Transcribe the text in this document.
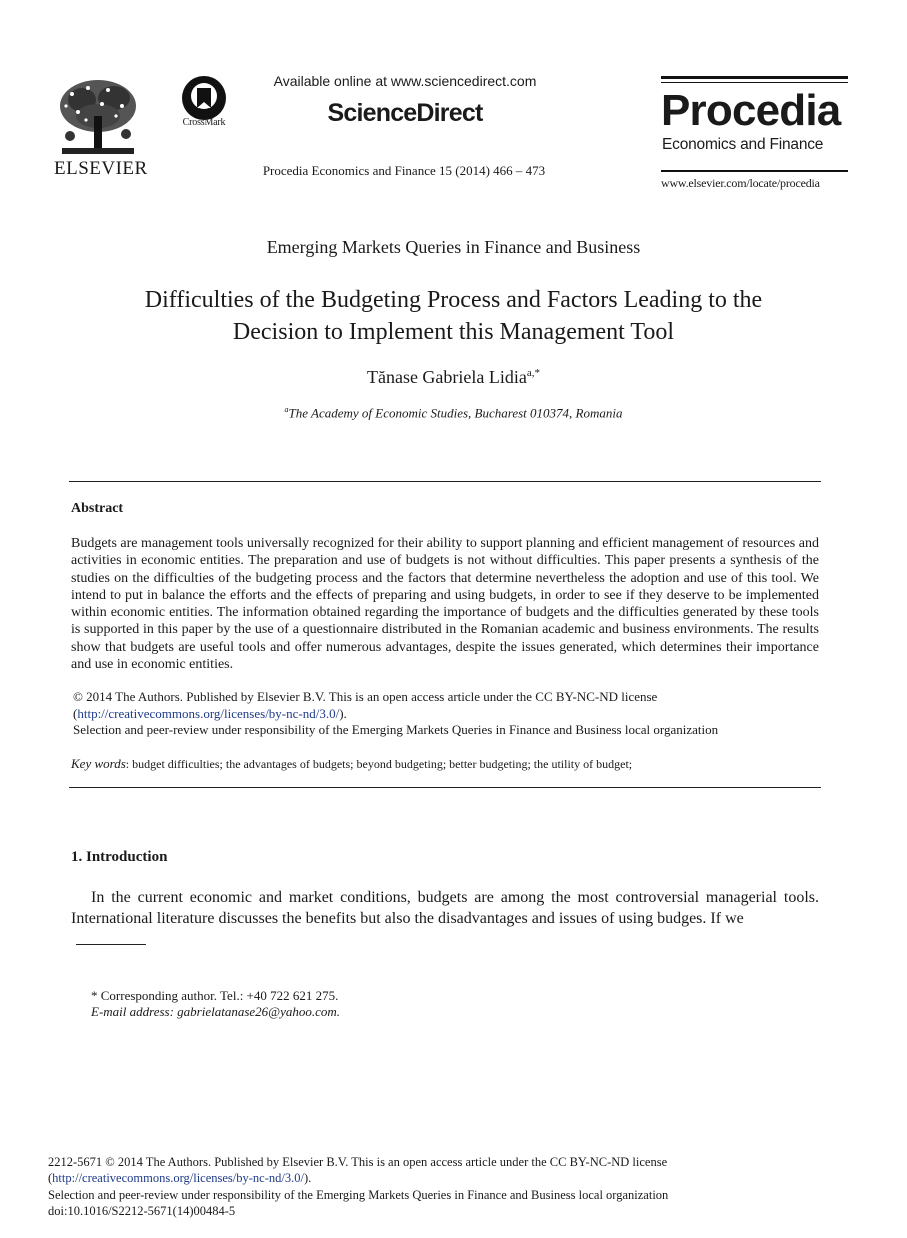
ELSEVIER
CrossMark
Available online at www.sciencedirect.com
ScienceDirect
Procedia Economics and Finance 15 (2014) 466 – 473
Procedia
Economics and Finance
www.elsevier.com/locate/procedia
Emerging Markets Queries in Finance and Business
Difficulties of the Budgeting Process and Factors Leading to the
Decision to Implement this Management Tool
Tănase Gabriela Lidia$^{a,*}$
$^a$The Academy of Economic Studies, Bucharest 010374, Romania
Abstract
Budgets are management tools universally recognized for their ability to support planning and efficient management of resources and activities in economic entities. The preparation and use of budgets is not without difficulties. This paper presents a synthesis of the studies on the difficulties of the budgeting process and the factors that determine nevertheless the adoption and use of this tool. We intend to put in balance the efforts and the effects of preparing and using budgets, in order to see if they deserve to be implemented within economic entities. The information obtained regarding the importance of budgets and the difficulties generated by these tools is supported in this paper by the use of a questionnaire distributed in the Romanian academic and business environments. The results show that budgets are useful tools and offer numerous advantages, despite the issues generated, which determines their importance and use in economic entities.
© 2014 The Authors. Published by Elsevier B.V. This is an open access article under the CC BY-NC-ND license
(http://creativecommons.org/licenses/by-nc-nd/3.0/).
Selection and peer-review under responsibility of the Emerging Markets Queries in Finance and Business local organization
Key words: budget difficulties; the advantages of budgets; beyond budgeting; better budgeting; the utility of budget;
1. Introduction
In the current economic and market conditions, budgets are among the most controversial managerial tools. International literature discusses the benefits but also the disadvantages and issues of using budges. If we
* Corresponding author. Tel.: +40 722 621 275.
E-mail address: gabrielatanase26@yahoo.com.
2212-5671 © 2014 The Authors. Published by Elsevier B.V. This is an open access article under the CC BY-NC-ND license
(http://creativecommons.org/licenses/by-nc-nd/3.0/).
Selection and peer-review under responsibility of the Emerging Markets Queries in Finance and Business local organization
doi:10.1016/S2212-5671(14)00484-5
